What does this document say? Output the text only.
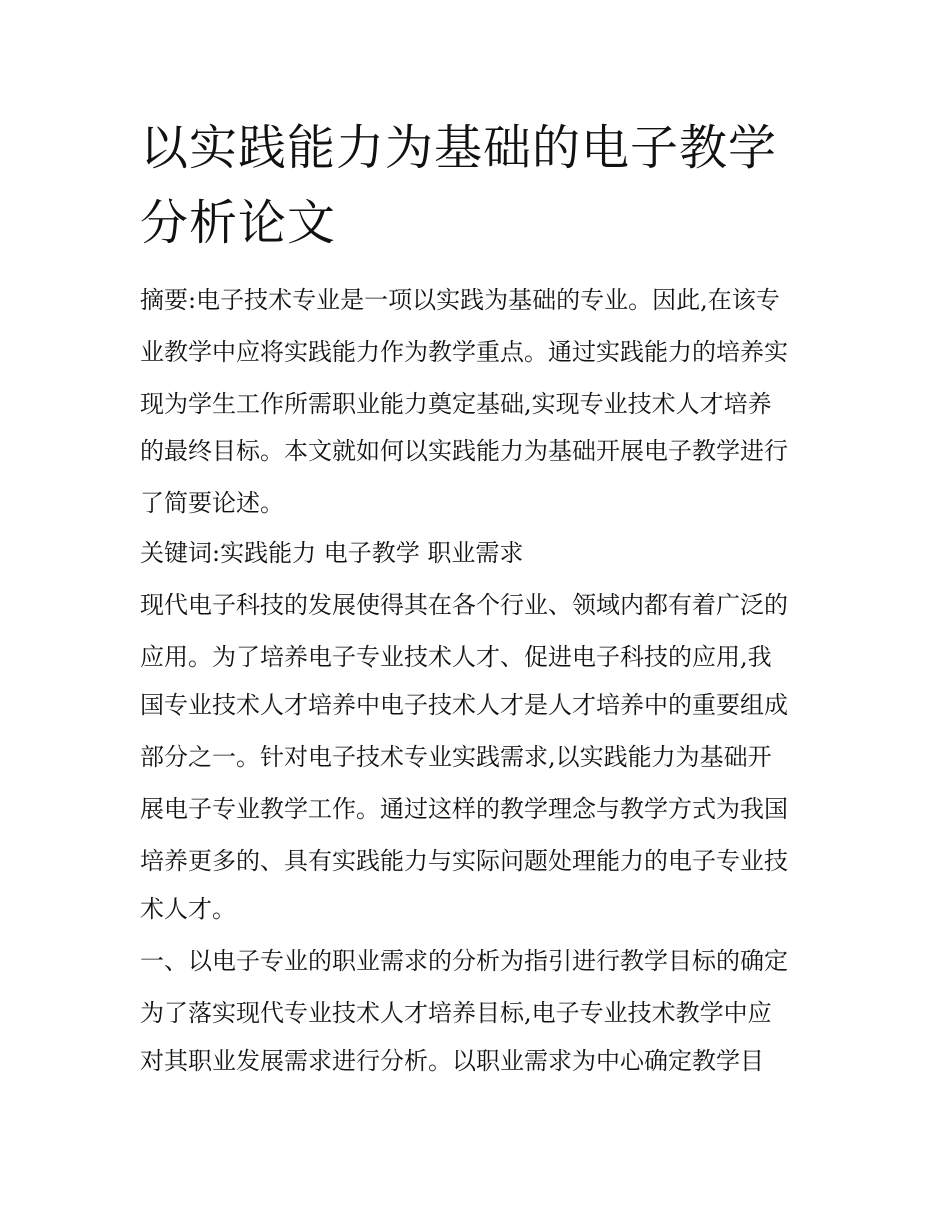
以实践能力为基础的电子教学
分析论文
摘要:电子技术专业是一项以实践为基础的专业。因此,在该专
业教学中应将实践能力作为教学重点。通过实践能力的培养实
现为学生工作所需职业能力奠定基础,实现专业技术人才培养
的最终目标。本文就如何以实践能力为基础开展电子教学进行
了简要论述。
关键词:实践能力 电子教学 职业需求
现代电子科技的发展使得其在各个行业、领域内都有着广泛的
应用。为了培养电子专业技术人才、促进电子科技的应用,我
国专业技术人才培养中电子技术人才是人才培养中的重要组成
部分之一。针对电子技术专业实践需求,以实践能力为基础开
展电子专业教学工作。通过这样的教学理念与教学方式为我国
培养更多的、具有实践能力与实际问题处理能力的电子专业技
术人才。
一、以电子专业的职业需求的分析为指引进行教学目标的确定
为了落实现代专业技术人才培养目标,电子专业技术教学中应
对其职业发展需求进行分析。以职业需求为中心确定教学目
